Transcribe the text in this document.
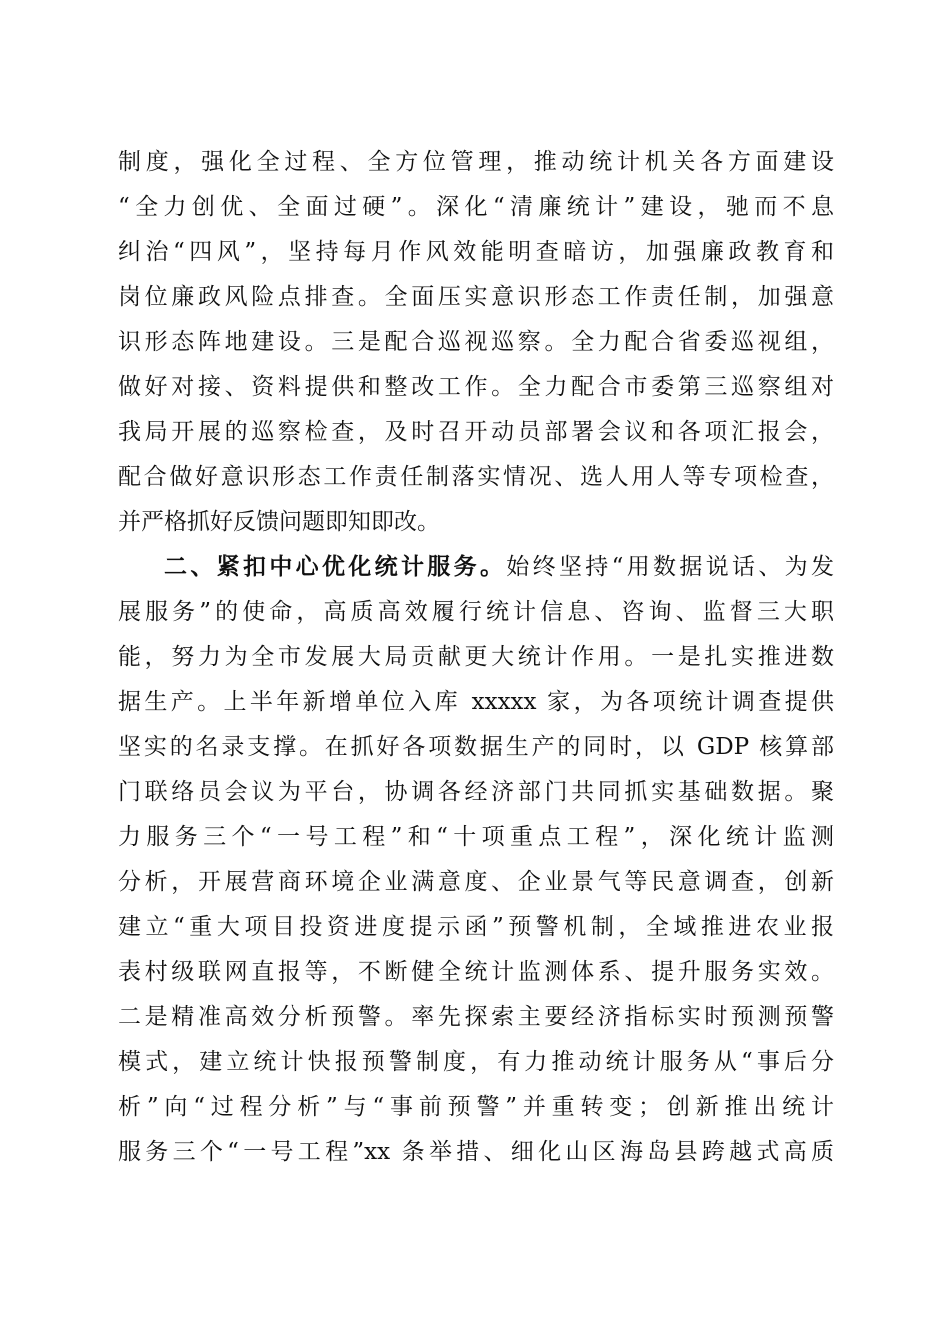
制度，强化全过程、全方位管理，推动统计机关各方面建设
“全力创优、全面过硬”。深化“清廉统计”建设，驰而不息
纠治“四风”，坚持每月作风效能明查暗访，加强廉政教育和
岗位廉政风险点排查。全面压实意识形态工作责任制，加强意
识形态阵地建设。三是配合巡视巡察。全力配合省委巡视组，
做好对接、资料提供和整改工作。全力配合市委第三巡察组对
我局开展的巡察检查，及时召开动员部署会议和各项汇报会，
配合做好意识形态工作责任制落实情况、选人用人等专项检查，
并严格抓好反馈问题即知即改。
二、紧扣中心优化统计服务。始终坚持“用数据说话、为发
展服务”的使命，高质高效履行统计信息、咨询、监督三大职
能，努力为全市发展大局贡献更大统计作用。一是扎实推进数
据生产。上半年新增单位入库 xxxxx 家，为各项统计调查提供
坚实的名录支撑。在抓好各项数据生产的同时，以 GDP 核算部
门联络员会议为平台，协调各经济部门共同抓实基础数据。聚
力服务三个“一号工程”和“十项重点工程”，深化统计监测
分析，开展营商环境企业满意度、企业景气等民意调查，创新
建立“重大项目投资进度提示函”预警机制，全域推进农业报
表村级联网直报等，不断健全统计监测体系、提升服务实效。
二是精准高效分析预警。率先探索主要经济指标实时预测预警
模式，建立统计快报预警制度，有力推动统计服务从“事后分
析”向“过程分析”与“事前预警”并重转变；创新推出统计
服务三个“一号工程”xx 条举措、细化山区海岛县跨越式高质
